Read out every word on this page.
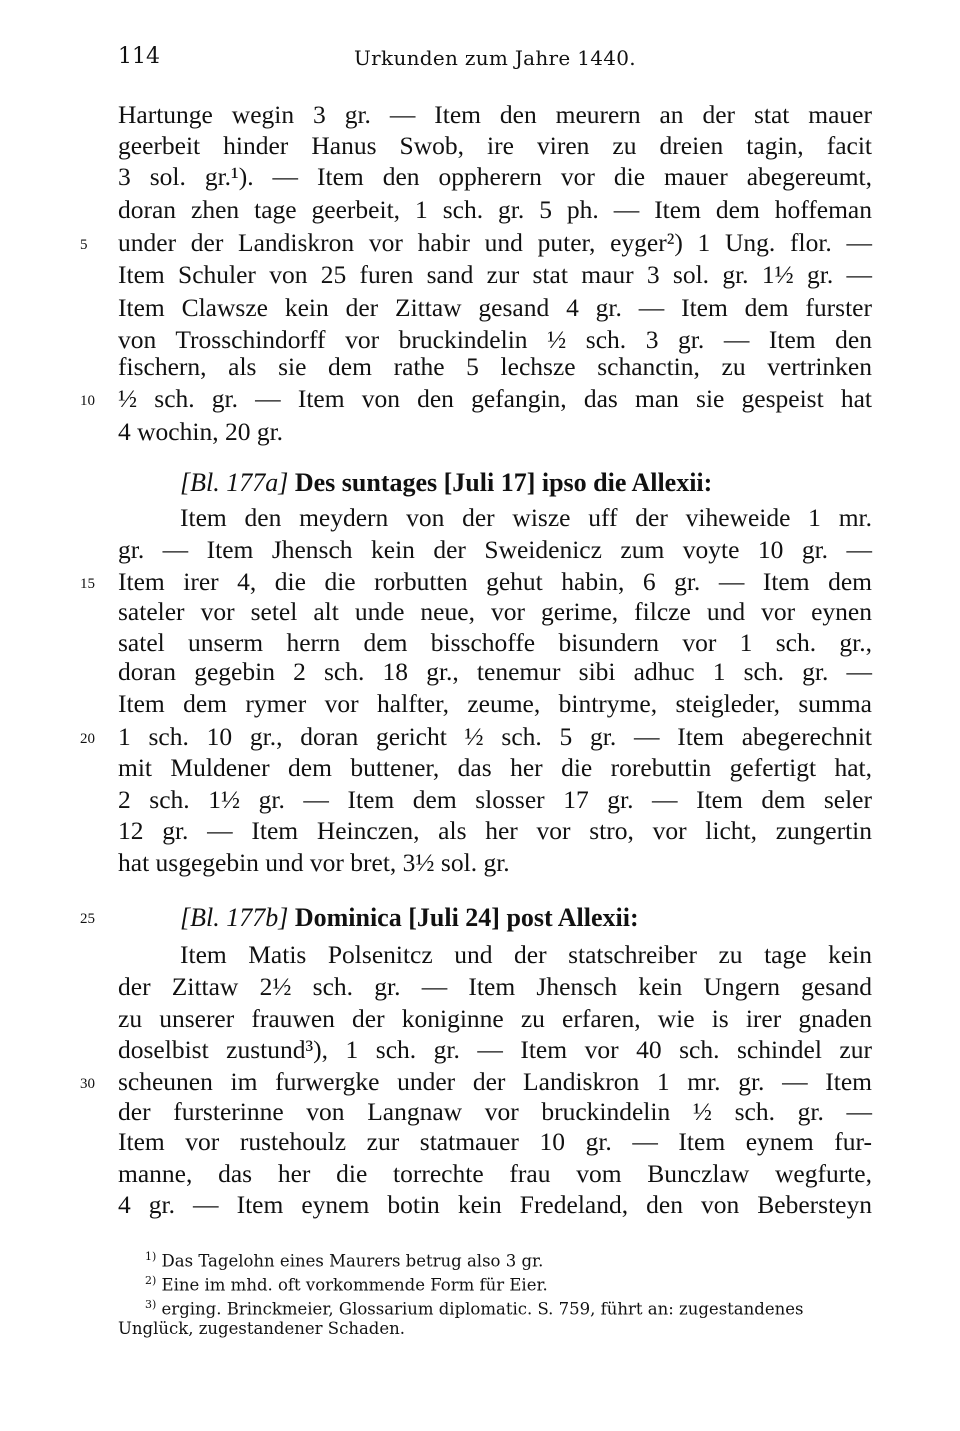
114	Urkunden zum Jahre 1440.
Hartunge wegin 3 gr. — Item den meurern an der stat mauer
geerbeit hinder Hanus Swob, ire viren zu dreien tagin, facit
3 sol. gr.¹). — Item den oppherern vor die mauer abegereumt,
doran zhen tage geerbeit, 1 sch. gr. 5 ph. — Item dem hoffeman
under der Landiskron vor habir und puter, eyger²) 1 Ung. flor. —
Item Schuler von 25 furen sand zur stat maur 3 sol. gr. 1½ gr. —
Item Clawsze kein der Zittaw gesand 4 gr. — Item dem furster
von Trosschindorff vor bruckindelin ½ sch. 3 gr. — Item den
fischern, als sie dem rathe 5 lechsze schanctin, zu vertrinken
½ sch. gr. — Item von den gefangin, das man sie gespeist hat
4 wochin, 20 gr.
[Bl. 177a] Des suntages [Juli 17] ipso die Allexii:
Item den meydern von der wisze uff der viheweide 1 mr.
gr. — Item Jhensch kein der Sweidenicz zum voyte 10 gr. —
Item irer 4, die die rorbutten gehut habin, 6 gr. — Item dem
sateler vor setel alt unde neue, vor gerime, filcze und vor eynen
satel unserm herrn dem bisschoffe bisundern vor 1 sch. gr.,
doran gegebin 2 sch. 18 gr., tenemur sibi adhuc 1 sch. gr. —
Item dem rymer vor halfter, zeume, bintryme, steigleder, summa
1 sch. 10 gr., doran gericht ½ sch. 5 gr. — Item abegerechnit
mit Muldener dem buttener, das her die rorebuttin gefertigt hat,
2 sch. 1½ gr. — Item dem slosser 17 gr. — Item dem seler
12 gr. — Item Heinczen, als her vor stro, vor licht, zungertin
hat usgegebin und vor bret, 3½ sol. gr.
[Bl. 177b] Dominica [Juli 24] post Allexii:
Item Matis Polsenitcz und der statschreiber zu tage kein
der Zittaw 2½ sch. gr. — Item Jhensch kein Ungern gesand
zu unserer frauwen der koniginne zu erfaren, wie is irer gnaden
doselbist zustund³), 1 sch. gr. — Item vor 40 sch. schindel zur
scheunen im furwergke under der Landiskron 1 mr. gr. — Item
der fursterinne von Langnaw vor bruckindelin ½ sch. gr. —
Item vor rustehoulz zur statmauer 10 gr. — Item eynem fur-
manne, das her die torrechte frau vom Bunczlaw wegfurte,
4 gr. — Item eynem botin kein Fredeland, den von Bebersteyn
5
10
15
20
25
30
$^{1)}$ Das Tagelohn eines Maurers betrug also 3 gr.
$^{2)}$ Eine im mhd. oft vorkommende Form für Eier.
$^{3)}$ erging. Brinckmeier, Glossarium diplomatic. S. 759, führt an: zugestandenes
Unglück, zugestandener Schaden.
